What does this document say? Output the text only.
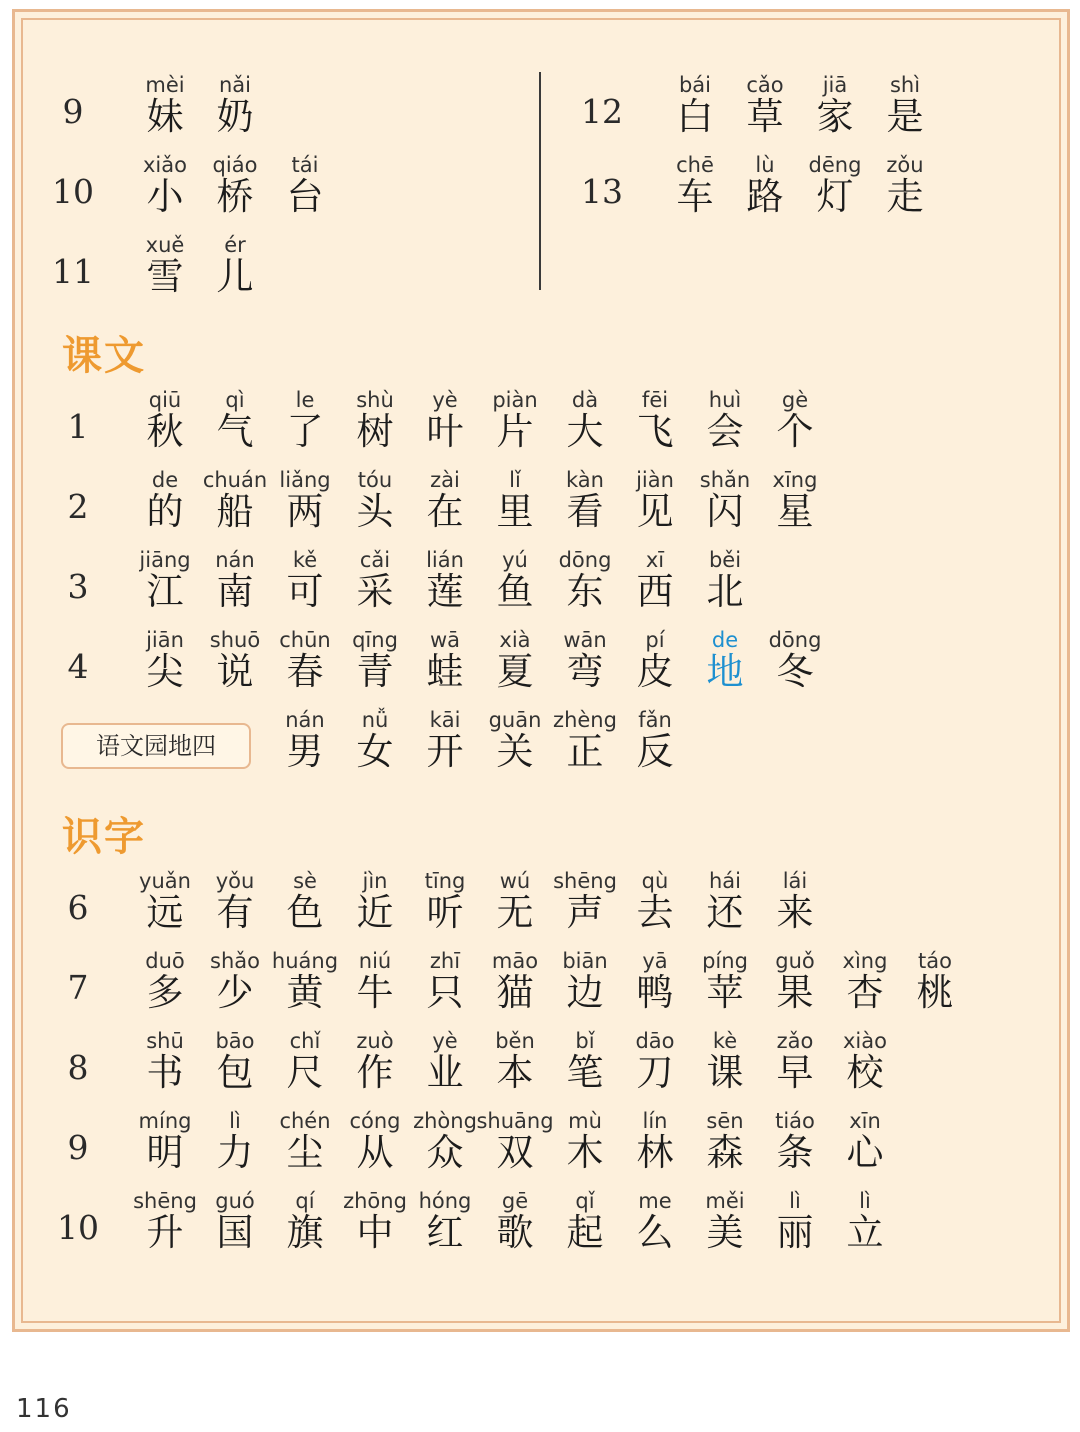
9
mèi
妹
nǎi
奶
10
xiǎo
小
qiáo
桥
tái
台
11
xuě
雪
ér
儿
12
bái
白
cǎo
草
jiā
家
shì
是
13
chē
车
lù
路
dēng
灯
zǒu
走
课文
1
qiū
秋
qì
气
le
了
shù
树
yè
叶
piàn
片
dà
大
fēi
飞
huì
会
gè
个
2
de
的
chuán
船
liǎng
两
tóu
头
zài
在
lǐ
里
kàn
看
jiàn
见
shǎn
闪
xīng
星
3
jiāng
江
nán
南
kě
可
cǎi
采
lián
莲
yú
鱼
dōng
东
xī
西
běi
北
4
jiān
尖
shuō
说
chūn
春
qīng
青
wā
蛙
xià
夏
wān
弯
pí
皮
de
地
dōng
冬
语文园地四
nán
男
nǚ
女
kāi
开
guān
关
zhèng
正
fǎn
反
识字
6
yuǎn
远
yǒu
有
sè
色
jìn
近
tīng
听
wú
无
shēng
声
qù
去
hái
还
lái
来
7
duō
多
shǎo
少
huáng
黄
niú
牛
zhī
只
māo
猫
biān
边
yā
鸭
píng
苹
guǒ
果
xìng
杏
táo
桃
8
shū
书
bāo
包
chǐ
尺
zuò
作
yè
业
běn
本
bǐ
笔
dāo
刀
kè
课
zǎo
早
xiào
校
9
míng
明
lì
力
chén
尘
cóng
从
zhòng
众
shuāng
双
mù
木
lín
林
sēn
森
tiáo
条
xīn
心
10
shēng
升
guó
国
qí
旗
zhōng
中
hóng
红
gē
歌
qǐ
起
me
么
měi
美
lì
丽
lì
立
116
